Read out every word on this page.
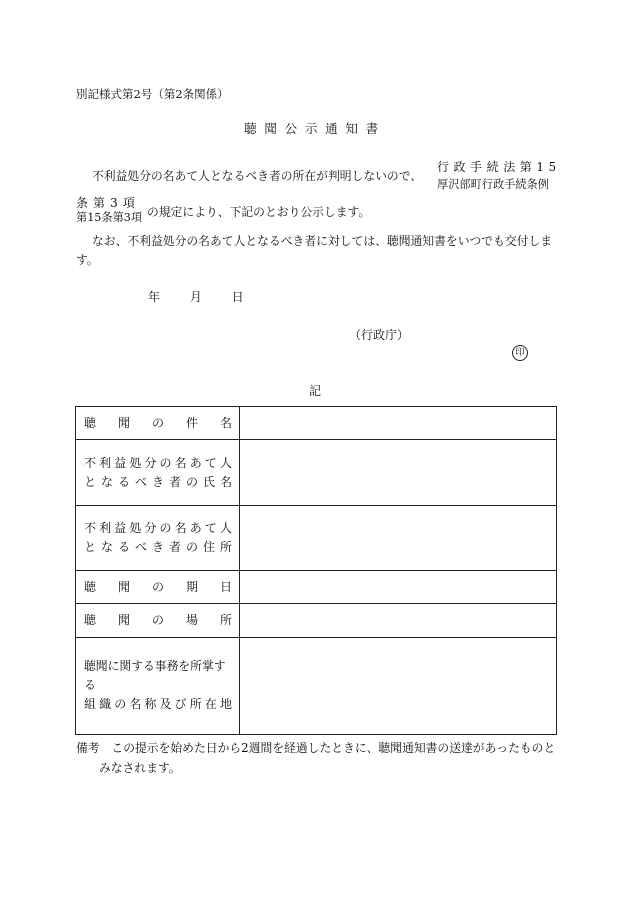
別記様式第2号（第2条関係）
聴聞公示通知書
不利益処分の名あて人となるべき者の所在が判明しないので、
行政手続法第15
厚沢部町行政手続条例
条第3項
第15条第3項 の規定により、下記のとおり公示します。
なお、不利益処分の名あて人となるべき者に対しては、聴聞通知書をいつでも交付しま
す。
年 月 日
（行政庁）
印
記
聴聞の件名	

不利益処分の名あて人
となるべき者の氏名	

不利益処分の名あて人
となるべき者の住所	

聴聞の期日	

聴聞の場所	

聴聞に関する事務を所掌する
組織の名称及び所在地	

備考　この提示を始めた日から2週間を経過したときに、聴聞通知書の送達があったものと
みなされます。
